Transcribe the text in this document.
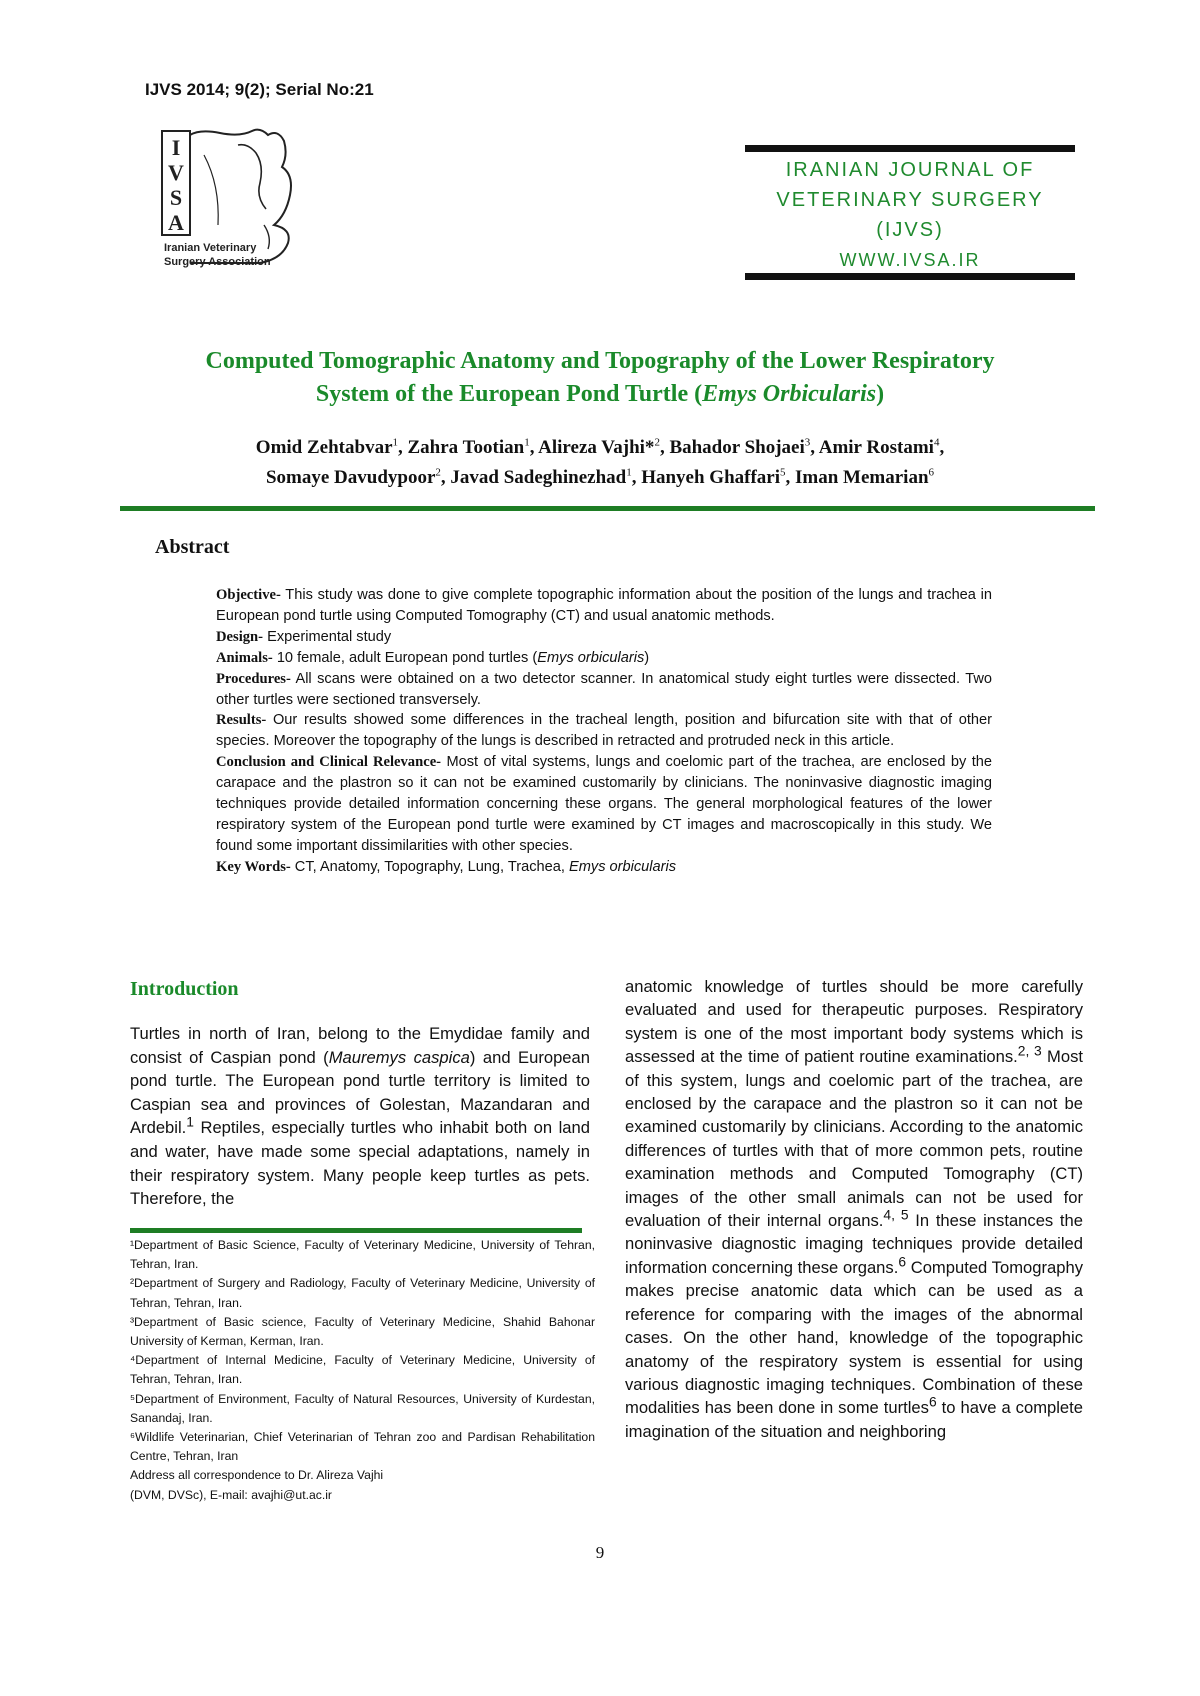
IJVS 2014; 9(2); Serial No:21
I
V
S
A
Iranian Veterinary
Surgery Association
IRANIAN JOURNAL OF
VETERINARY SURGERY
(IJVS)
WWW.IVSA.IR
Computed Tomographic Anatomy and Topography of the Lower Respiratory
System of the European Pond Turtle (Emys Orbicularis)
Omid Zehtabvar$^1$, Zahra Tootian$^1$, Alireza Vajhi*$^2$, Bahador Shojaei$^3$, Amir Rostami$^4$,
Somaye Davudypoor$^2$, Javad Sadeghinezhad$^1$, Hanyeh Ghaffari$^5$, Iman Memarian$^6$
Abstract

Objective- This study was done to give complete topographic information about the position of the lungs and trachea in European pond turtle using Computed Tomography (CT) and usual anatomic methods.

Design- Experimental study

Animals- 10 female, adult European pond turtles (Emys orbicularis)

Procedures- All scans were obtained on a two detector scanner. In anatomical study eight turtles were dissected. Two other turtles were sectioned transversely.

Results- Our results showed some differences in the tracheal length, position and bifurcation site with that of other species. Moreover the topography of the lungs is described in retracted and protruded neck in this article.

Conclusion and Clinical Relevance- Most of vital systems, lungs and coelomic part of the trachea, are enclosed by the carapace and the plastron so it can not be examined customarily by clinicians. The noninvasive diagnostic imaging techniques provide detailed information concerning these organs. The general morphological features of the lower respiratory system of the European pond turtle were examined by CT images and macroscopically in this study. We found some important dissimilarities with other species.

Key Words- CT, Anatomy, Topography, Lung, Trachea, Emys orbicularis

Introduction

Turtles in north of Iran, belong to the Emydidae family and consist of Caspian pond (Mauremys caspica) and European pond turtle. The European pond turtle territory is limited to Caspian sea and provinces of Golestan, Mazandaran and Ardebil.$^1$ Reptiles, especially turtles who inhabit both on land and water, have made some special adaptations, namely in their respiratory system. Many people keep turtles as pets. Therefore, the

¹Department of Basic Science, Faculty of Veterinary Medicine, University of Tehran, Tehran, Iran.

²Department of Surgery and Radiology, Faculty of Veterinary Medicine, University of Tehran, Tehran, Iran.

³Department of Basic science, Faculty of Veterinary Medicine, Shahid Bahonar University of Kerman, Kerman, Iran.

⁴Department of Internal Medicine, Faculty of Veterinary Medicine, University of Tehran, Tehran, Iran.

⁵Department of Environment, Faculty of Natural Resources, University of Kurdestan, Sanandaj, Iran.

⁶Wildlife Veterinarian, Chief Veterinarian of Tehran zoo and Pardisan Rehabilitation Centre, Tehran, Iran

Address all correspondence to Dr. Alireza Vajhi

(DVM, DVSc), E-mail: avajhi@ut.ac.ir

anatomic knowledge of turtles should be more carefully evaluated and used for therapeutic purposes. Respiratory system is one of the most important body systems which is assessed at the time of patient routine examinations.$^{2, 3}$ Most of this system, lungs and coelomic part of the trachea, are enclosed by the carapace and the plastron so it can not be examined customarily by clinicians. According to the anatomic differences of turtles with that of more common pets, routine examination methods and Computed Tomography (CT) images of the other small animals can not be used for evaluation of their internal organs.$^{4, 5}$ In these instances the noninvasive diagnostic imaging techniques provide detailed information concerning these organs.$^6$ Computed Tomography makes precise anatomic data which can be used as a reference for comparing with the images of the abnormal cases. On the other hand, knowledge of the topographic anatomy of the respiratory system is essential for using various diagnostic imaging techniques. Combination of these modalities has been done in some turtles$^6$ to have a complete imagination of the situation and neighboring

9
